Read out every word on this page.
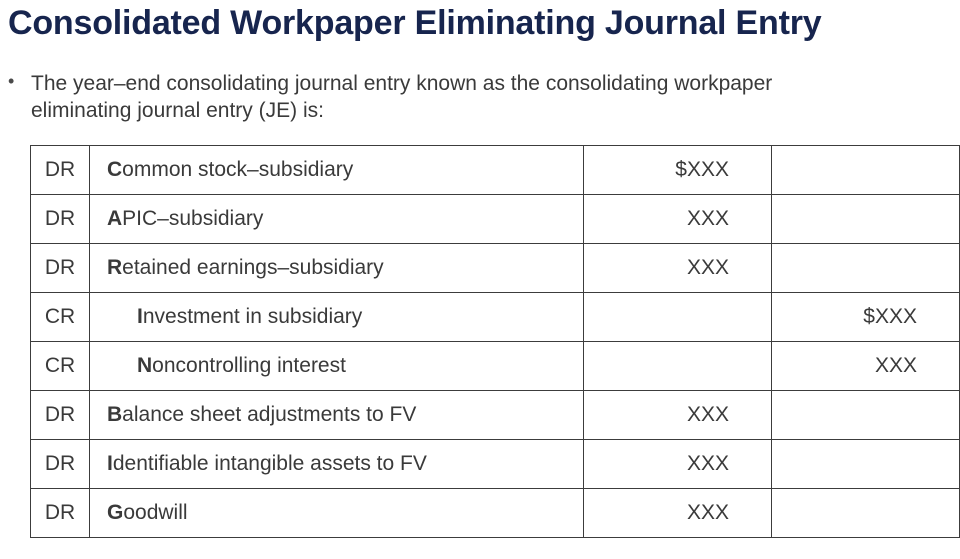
Consolidated Workpaper Eliminating Journal Entry
• The year–end consolidating journal entry known as the consolidating workpaper eliminating journal entry (JE) is:

DR	Common stock–subsidiary	$XXX	
DR	APIC–subsidiary	XXX	
DR	Retained earnings–subsidiary	XXX	
CR	Investment in subsidiary		$XXX
CR	Noncontrolling interest		XXX
DR	Balance sheet adjustments to FV	XXX	
DR	Identifiable intangible assets to FV	XXX	
DR	Goodwill	XXX	
